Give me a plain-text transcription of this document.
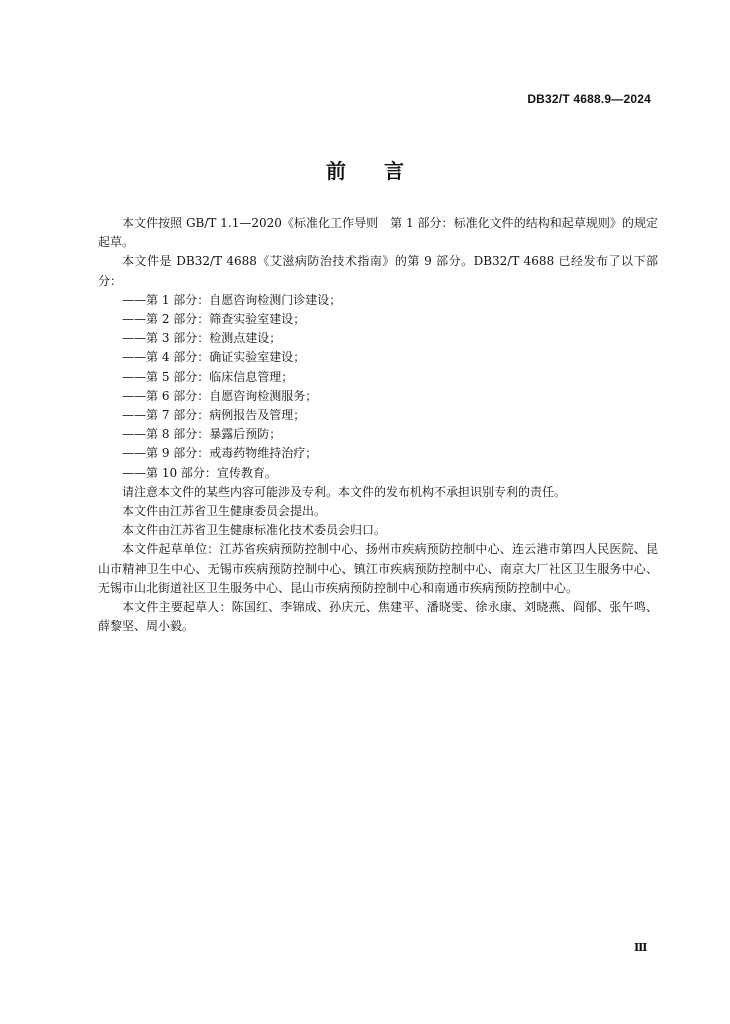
DB32/T 4688.9—2024
前言

本文件按照 GB/T 1.1—2020《标准化工作导则　第 1 部分：标准化文件的结构和起草规则》的规定起草。

本文件是 DB32/T 4688《艾滋病防治技术指南》的第 9 部分。DB32/T 4688 已经发布了以下部分：

——第 1 部分：自愿咨询检测门诊建设；

——第 2 部分：筛查实验室建设；

——第 3 部分：检测点建设；

——第 4 部分：确证实验室建设；

——第 5 部分：临床信息管理；

——第 6 部分：自愿咨询检测服务；

——第 7 部分：病例报告及管理；

——第 8 部分：暴露后预防；

——第 9 部分：戒毒药物维持治疗；

——第 10 部分：宣传教育。

请注意本文件的某些内容可能涉及专利。本文件的发布机构不承担识别专利的责任。

本文件由江苏省卫生健康委员会提出。

本文件由江苏省卫生健康标准化技术委员会归口。

本文件起草单位：江苏省疾病预防控制中心、扬州市疾病预防控制中心、连云港市第四人民医院、昆山市精神卫生中心、无锡市疾病预防控制中心、镇江市疾病预防控制中心、南京大厂社区卫生服务中心、无锡市山北街道社区卫生服务中心、昆山市疾病预防控制中心和南通市疾病预防控制中心。

本文件主要起草人：陈国红、李锦成、孙庆元、焦建平、潘晓雯、徐永康、刘晓燕、阎郁、张午鸣、薛黎坚、周小毅。

Ⅲ
